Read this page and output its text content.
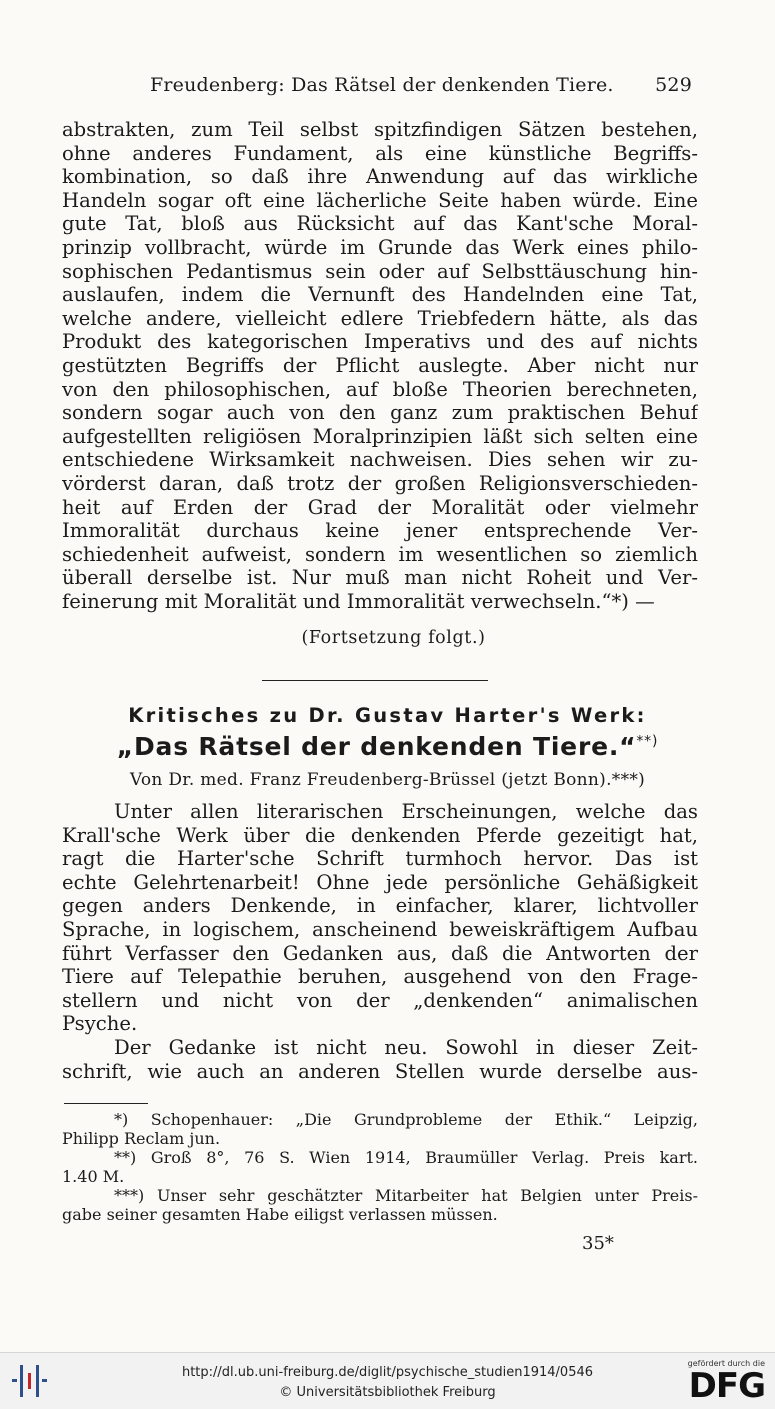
Freudenberg: Das Rätsel der denkenden Tiere. 529
abstrakten, zum Teil selbst spitzfindigen Sätzen bestehen,
ohne anderes Fundament, als eine künstliche Begriffs-
kombination, so daß ihre Anwendung auf das wirkliche
Handeln sogar oft eine lächerliche Seite haben würde. Eine
gute Tat, bloß aus Rücksicht auf das Kant'sche Moral-
prinzip vollbracht, würde im Grunde das Werk eines philo-
sophischen Pedantismus sein oder auf Selbsttäuschung hin-
auslaufen, indem die Vernunft des Handelnden eine Tat,
welche andere, vielleicht edlere Triebfedern hätte, als das
Produkt des kategorischen Imperativs und des auf nichts
gestützten Begriffs der Pflicht auslegte. Aber nicht nur
von den philosophischen, auf bloße Theorien berechneten,
sondern sogar auch von den ganz zum praktischen Behuf
aufgestellten religiösen Moralprinzipien läßt sich selten eine
entschiedene Wirksamkeit nachweisen. Dies sehen wir zu-
vörderst daran, daß trotz der großen Religionsverschieden-
heit auf Erden der Grad der Moralität oder vielmehr
Immoralität durchaus keine jener entsprechende Ver-
schiedenheit aufweist, sondern im wesentlichen so ziemlich
überall derselbe ist. Nur muß man nicht Roheit und Ver-
feinerung mit Moralität und Immoralität verwechseln.“*) —
(Fortsetzung folgt.)
Kritisches zu Dr. Gustav Harter's Werk:
„Das Rätsel der denkenden Tiere.“**)
Von Dr. med. Franz Freudenberg-Brüssel (jetzt Bonn).***)
Unter allen literarischen Erscheinungen, welche das
Krall'sche Werk über die denkenden Pferde gezeitigt hat,
ragt die Harter'sche Schrift turmhoch hervor. Das ist
echte Gelehrtenarbeit! Ohne jede persönliche Gehäßigkeit
gegen anders Denkende, in einfacher, klarer, lichtvoller
Sprache, in logischem, anscheinend beweiskräftigem Aufbau
führt Verfasser den Gedanken aus, daß die Antworten der
Tiere auf Telepathie beruhen, ausgehend von den Frage-
stellern und nicht von der „denkenden“ animalischen
Psyche.
Der Gedanke ist nicht neu. Sowohl in dieser Zeit-
schrift, wie auch an anderen Stellen wurde derselbe aus-
*) Schopenhauer: „Die Grundprobleme der Ethik.“ Leipzig,
Philipp Reclam jun.
**) Groß 8°, 76 S. Wien 1914, Braumüller Verlag. Preis kart.
1.40 M.
***) Unser sehr geschätzter Mitarbeiter hat Belgien unter Preis-
gabe seiner gesamten Habe eiligst verlassen müssen.
35*
http://dl.ub.uni-freiburg.de/diglit/psychische_studien1914/0546
© Universitätsbibliothek Freiburg
gefördert durch die
DFG
